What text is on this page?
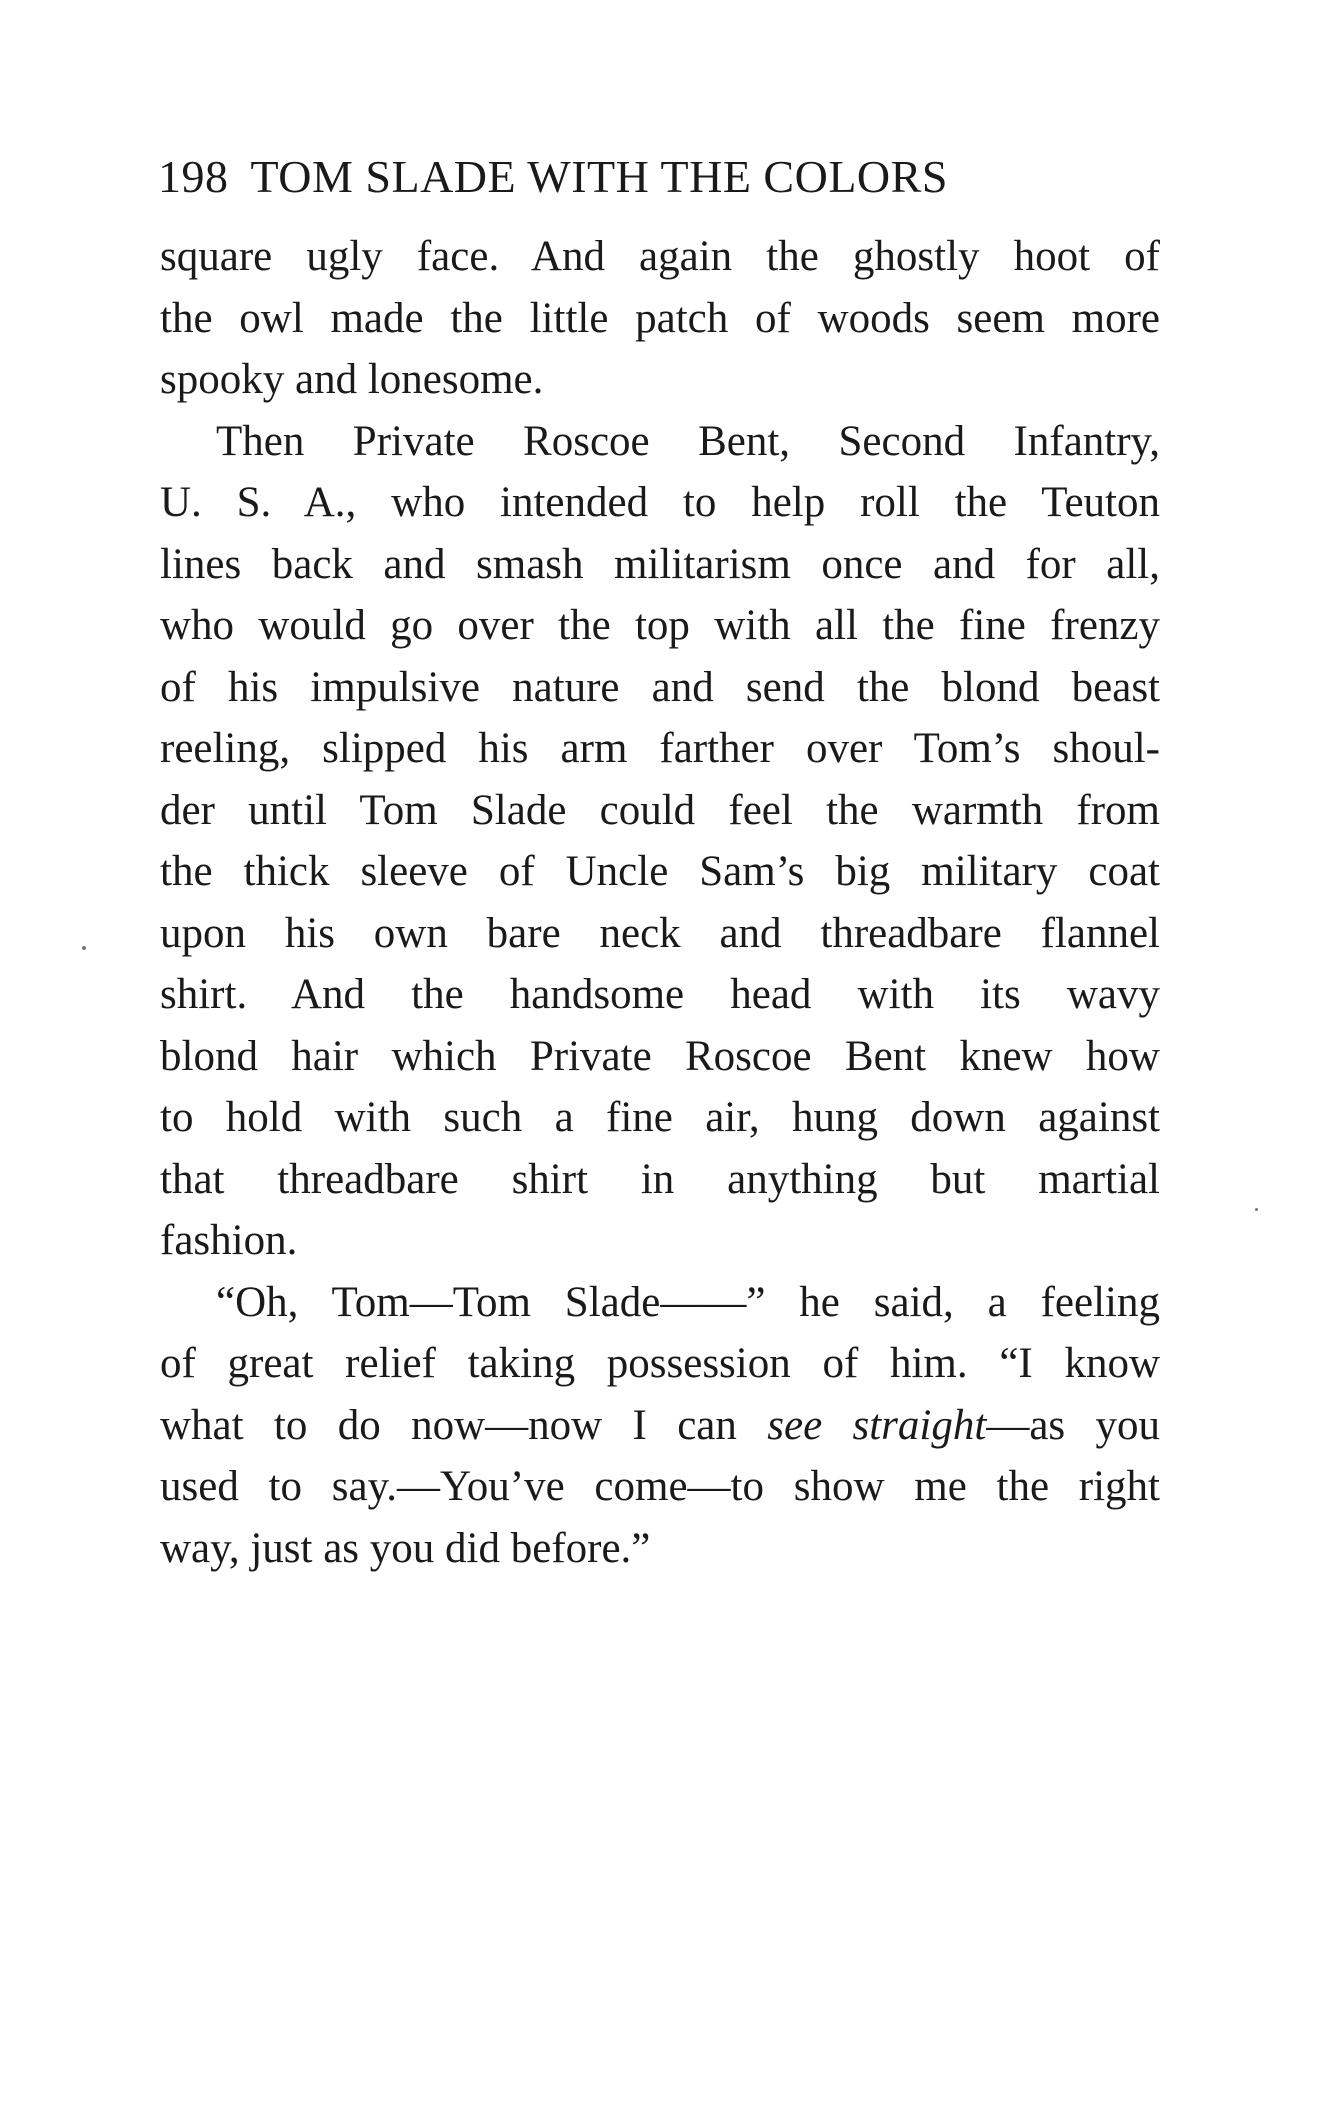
198 TOM SLADE WITH THE COLORS
square ugly face. And again the ghostly hoot of
the owl made the little patch of woods seem more
spooky and lonesome.
Then Private Roscoe Bent, Second Infantry,
U. S. A., who intended to help roll the Teuton
lines back and smash militarism once and for all,
who would go over the top with all the fine frenzy
of his impulsive nature and send the blond beast
reeling, slipped his arm farther over Tom’s shoul-
der until Tom Slade could feel the warmth from
the thick sleeve of Uncle Sam’s big military coat
upon his own bare neck and threadbare flannel
shirt. And the handsome head with its wavy
blond hair which Private Roscoe Bent knew how
to hold with such a fine air, hung down against
that threadbare shirt in anything but martial
fashion.
“Oh, Tom—Tom Slade——” he said, a feeling
of great relief taking possession of him. “I know
what to do now—now I can see straight—as you
used to say.—You’ve come—to show me the right
way, just as you did before.”
